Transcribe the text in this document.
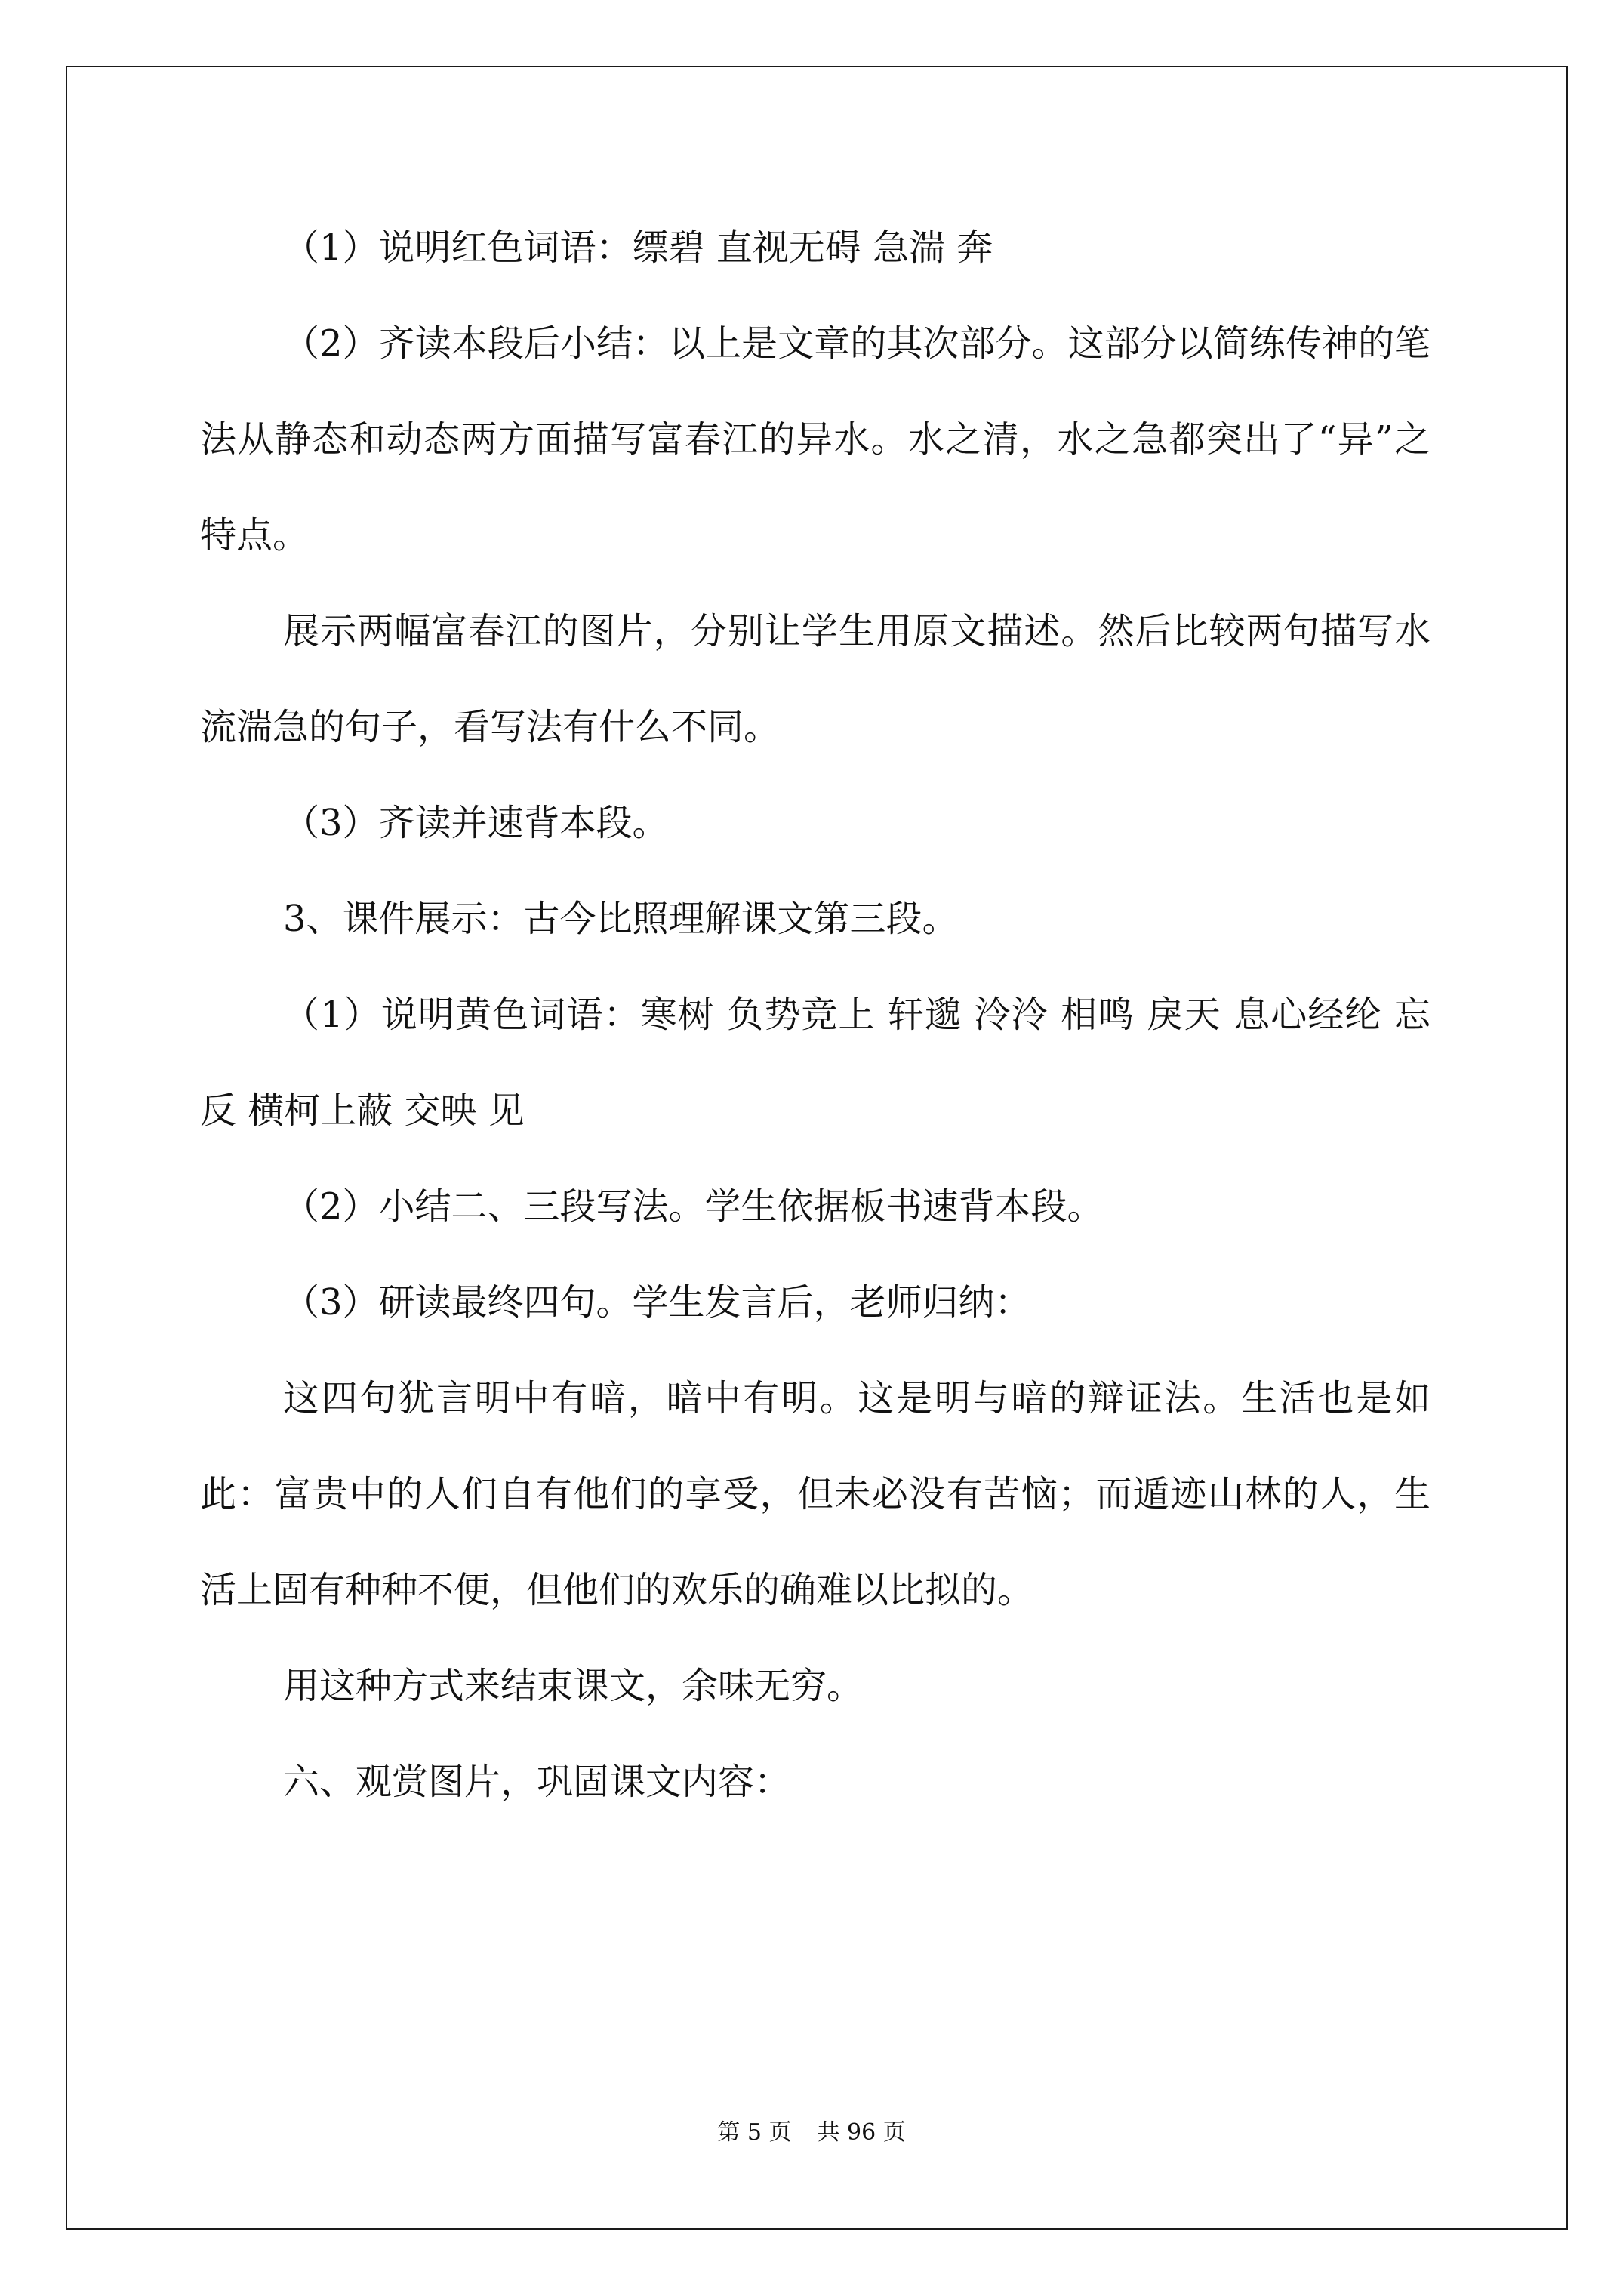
（1）说明红色词语：缥碧 直视无碍 急湍 奔

（2）齐读本段后小结：以上是文章的其次部分。这部分以简练传神的笔法从静态和动态两方面描写富春江的异水。水之清，水之急都突出了“异”之特点。

展示两幅富春江的图片，分别让学生用原文描述。然后比较两句描写水流湍急的句子，看写法有什么不同。

（3）齐读并速背本段。

3、课件展示：古今比照理解课文第三段。

（1）说明黄色词语：寒树 负势竞上 轩邈 泠泠 相鸣 戾天 息心经纶 忘反 横柯上蔽 交映 见

（2）小结二、三段写法。学生依据板书速背本段。

（3）研读最终四句。学生发言后，老师归纳：

这四句犹言明中有暗，暗中有明。这是明与暗的辩证法。生活也是如此：富贵中的人们自有他们的享受，但未必没有苦恼；而遁迹山林的人，生活上固有种种不便，但他们的欢乐的确难以比拟的。

用这种方式来结束课文，余味无穷。

六、观赏图片，巩固课文内容：

第 5 页 共 96 页
